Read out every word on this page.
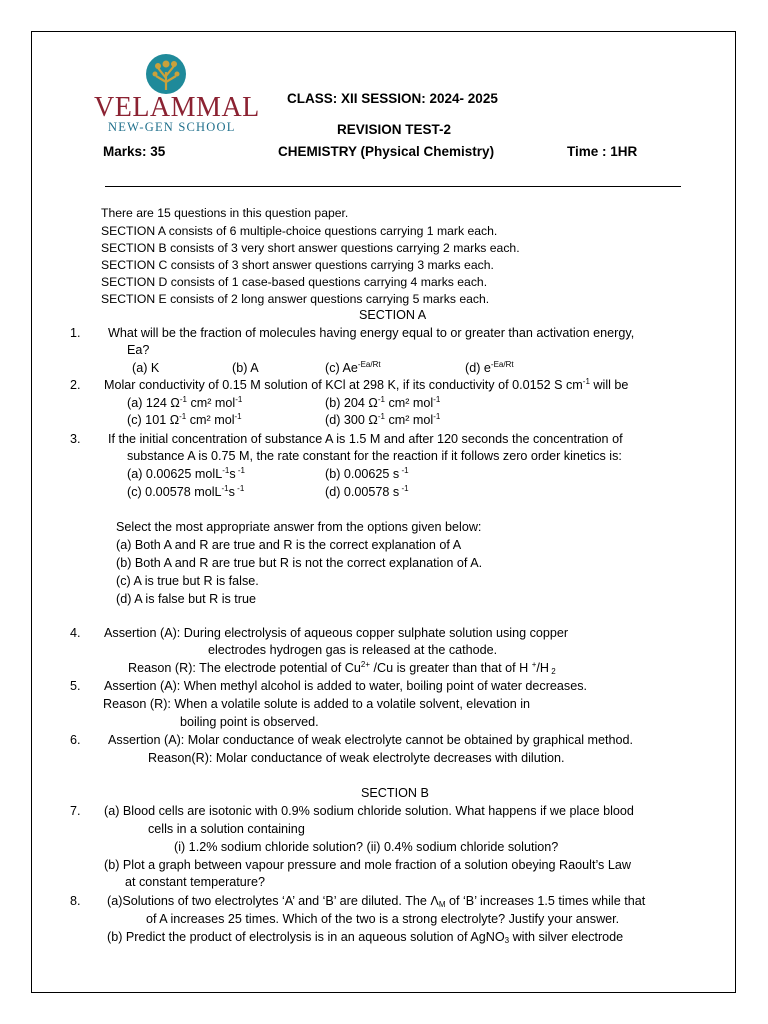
VELAMMAL
NEW-GEN SCHOOL
CLASS: XII SESSION: 2024- 2025
REVISION TEST-2
Marks: 35	CHEMISTRY (Physical Chemistry)	Time : 1HR
There are 15 questions in this question paper.
SECTION A consists of 6 multiple-choice questions carrying 1 mark each.
SECTION B consists of 3 very short answer questions carrying 2 marks each.
SECTION C consists of 3 short answer questions carrying 3 marks each.
SECTION D consists of 1 case-based questions carrying 4 marks each.
SECTION E consists of 2 long answer questions carrying 5 marks each.
SECTION A
1. What will be the fraction of molecules having energy equal to or greater than activation energy,
Ea?
(a) K	(b) A	(c) $Ae^{-Ea/Rt}$	(d) $e^{-Ea/Rt}$
2. Molar conductivity of 0.15 M solution of KCl at 298 K, if its conductivity of 0.0152 S $cm^{-1}$ will be
(a) 124 $\Omega^{-1}$ cm² mol$^{-1}$	(b) 204 $\Omega^{-1}$ cm² mol$^{-1}$
(c) 101 $\Omega^{-1}$ cm² mol$^{-1}$	(d) 300 $\Omega^{-1}$ cm² mol$^{-1}$
3. If the initial concentration of substance A is 1.5 M and after 120 seconds the concentration of
substance A is 0.75 M, the rate constant for the reaction if it follows zero order kinetics is:
(a) 0.00625 molL$^{-1}$s $^{-1}$	(b) 0.00625 s $^{-1}$
(c) 0.00578 molL$^{-1}$s $^{-1}$	(d) 0.00578 s $^{-1}$
Select the most appropriate answer from the options given below:
(a) Both A and R are true and R is the correct explanation of A
(b) Both A and R are true but R is not the correct explanation of A.
(c) A is true but R is false.
(d) A is false but R is true
4. Assertion (A): During electrolysis of aqueous copper sulphate solution using copper
electrodes hydrogen gas is released at the cathode.
Reason (R): The electrode potential of $Cu^{2+}$ /Cu is greater than that of H +/H $_2$
5. Assertion (A): When methyl alcohol is added to water, boiling point of water decreases.
Reason (R): When a volatile solute is added to a volatile solvent, elevation in
boiling point is observed.
6. Assertion (A): Molar conductance of weak electrolyte cannot be obtained by graphical method.
Reason(R): Molar conductance of weak electrolyte decreases with dilution.
SECTION B
7. (a) Blood cells are isotonic with 0.9% sodium chloride solution. What happens if we place blood
cells in a solution containing
(i) 1.2% sodium chloride solution? (ii) 0.4% sodium chloride solution?
(b) Plot a graph between vapour pressure and mole fraction of a solution obeying Raoult’s Law
at constant temperature?
8. (a)Solutions of two electrolytes ‘A’ and ‘B’ are diluted. The $\Lambda_M$ of ‘B’ increases 1.5 times while that
of A increases 25 times. Which of the two is a strong electrolyte? Justify your answer.
(b) Predict the product of electrolysis is in an aqueous solution of AgNO$_3$ with silver electrode
